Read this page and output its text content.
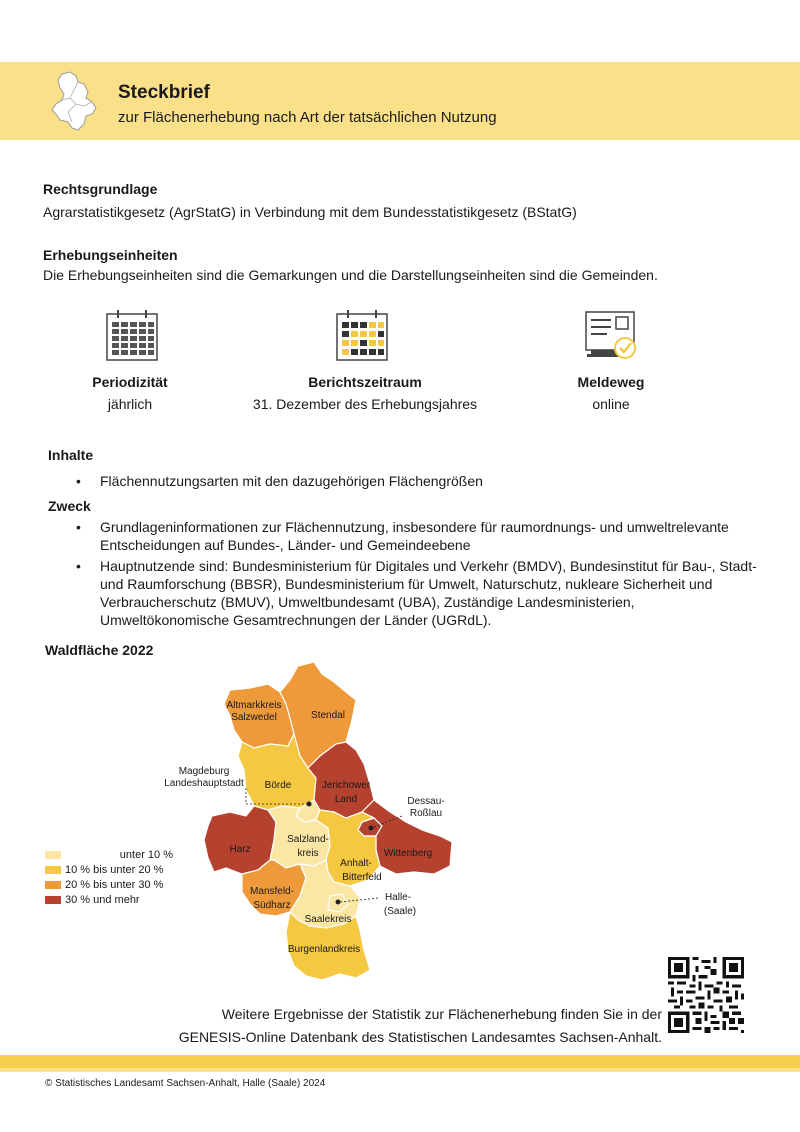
Steckbrief
zur Flächenerhebung nach Art der tatsächlichen Nutzung
Rechtsgrundlage
Agrarstatistikgesetz (AgrStatG) in Verbindung mit dem Bundesstatistikgesetz (BStatG)
Erhebungseinheiten
Die Erhebungseinheiten sind die Gemarkungen und die Darstellungseinheiten sind die Gemeinden.
Periodizität
jährlich
Berichtszeitraum
31. Dezember des Erhebungsjahres
Meldeweg
online
Inhalte
• Flächennutzungsarten mit den dazugehörigen Flächengrößen
Zweck
• Grundlageninformationen zur Flächennutzung, insbesondere für raumordnungs- und umweltrelevante Entscheidungen auf Bundes-, Länder- und Gemeindeebene
• Hauptnutzende sind: Bundesministerium für Digitales und Verkehr (BMDV), Bundesinstitut für Bau-, Stadt- und Raumforschung (BBSR), Bundesministerium für Umwelt, Naturschutz, nukleare Sicherheit und Verbraucherschutz (BMUV), Umweltbundesamt (UBA), Zuständige Landesministerien, Umweltökonomische Gesamtrechnungen der Länder (UGRdL).
Waldfläche 2022
Altmarkkreis
Salzwedel	Stendal
Magdeburg
Landeshauptstadt Börde	Jerichower
Land	Dessau-
Roßlau
Harz
Salzland-
kreis	Wittenberg
Anhalt-
Bitterfeld
Mansfeld-
Südharz
Halle-
(Saale)
Saalekreis
Burgenlandkreis
unter 10 %
10 % bis unter 20 %
20 % bis unter 30 %
30 % und mehr
Weitere Ergebnisse der Statistik zur Flächenerhebung finden Sie in der
GENESIS-Online Datenbank des Statistischen Landesamtes Sachsen-Anhalt.
© Statistisches Landesamt Sachsen-Anhalt, Halle (Saale) 2024
